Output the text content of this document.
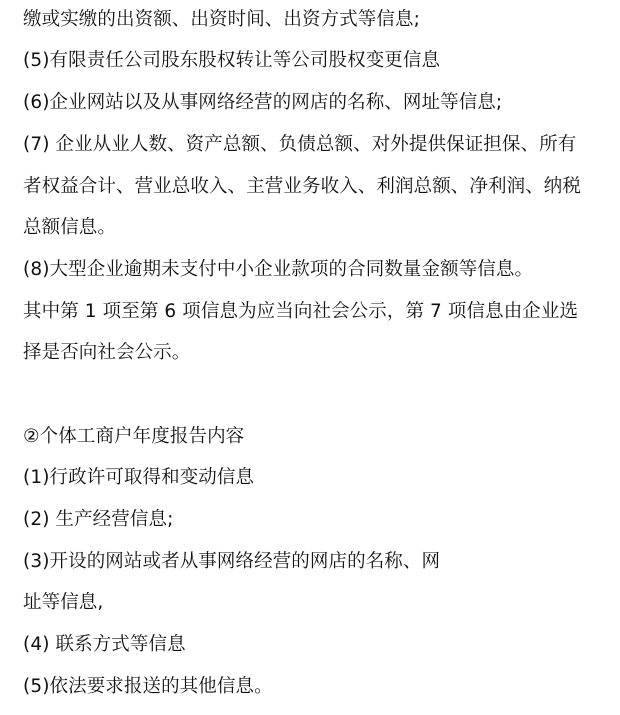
缴或实缴的出资额、出资时间、出资方式等信息;
(5)有限责任公司股东股权转让等公司股权变更信息
(6)企业网站以及从事网络经营的网店的名称、网址等信息;
(7) 企业从业人数、资产总额、负债总额、对外提供保证担保、所有
者权益合计、营业总收入、主营业务收入、利润总额、净利润、纳税
总额信息。
(8)大型企业逾期未支付中小企业款项的合同数量金额等信息。
其中第 1 项至第 6 项信息为应当向社会公示，第 7 项信息由企业选
择是否向社会公示。
②个体工商户年度报告内容
(1)行政许可取得和变动信息
(2) 生产经营信息;
(3)开设的网站或者从事网络经营的网店的名称、网
址等信息,
(4) 联系方式等信息
(5)依法要求报送的其他信息。
